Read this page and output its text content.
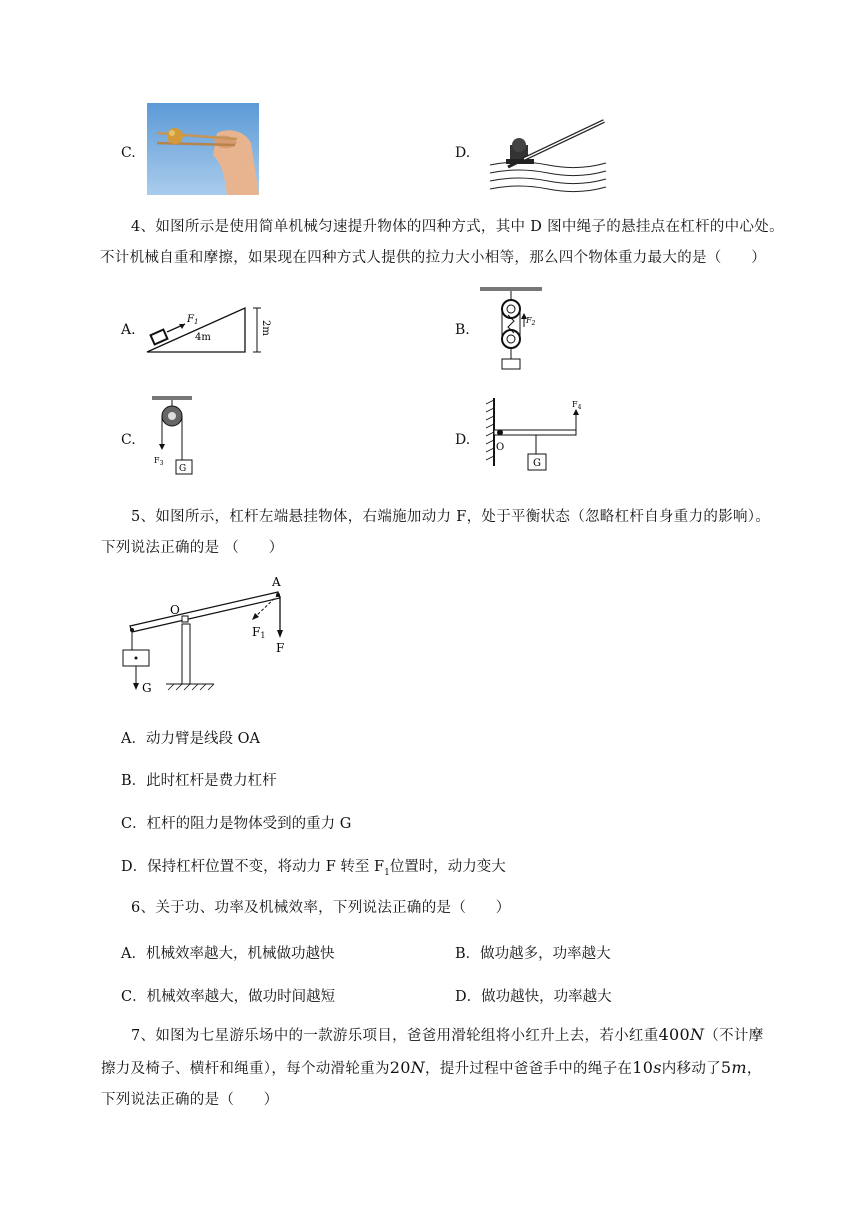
C.	D.
4、如图所示是使用简单机械匀速提升物体的四种方式，其中 D 图中绳子的悬挂点在杠杆的中心处。
不计机械自重和摩擦，如果现在四种方式人提供的拉力大小相等，那么四个物体重力最大的是（　　）
A.
$F_1$
4m
2m	B.
$F_2$
C.
G
$F_3$
D.	O
G
$F_4$
5、如图所示，杠杆左端悬挂物体，右端施加动力 F，处于平衡状态（忽略杠杆自身重力的影响）。
下列说法正确的是 （　　）
O
G
A
F1
F
A．动力臂是线段 OA
B．此时杠杆是费力杠杆
C．杠杆的阻力是物体受到的重力 G
D．保持杠杆位置不变，将动力 F 转至 $F_1$位置时，动力变大
6、关于功、功率及机械效率，下列说法正确的是（　　）
A．机械效率越大，机械做功越快	B．做功越多，功率越大
C．机械效率越大，做功时间越短	D．做功越快，功率越大
7、如图为七星游乐场中的一款游乐项目，爸爸用滑轮组将小红升上去，若小红重400N（不计摩
擦力及椅子、横杆和绳重），每个动滑轮重为20N，提升过程中爸爸手中的绳子在10s内移动了5m，
下列说法正确的是（　　）
